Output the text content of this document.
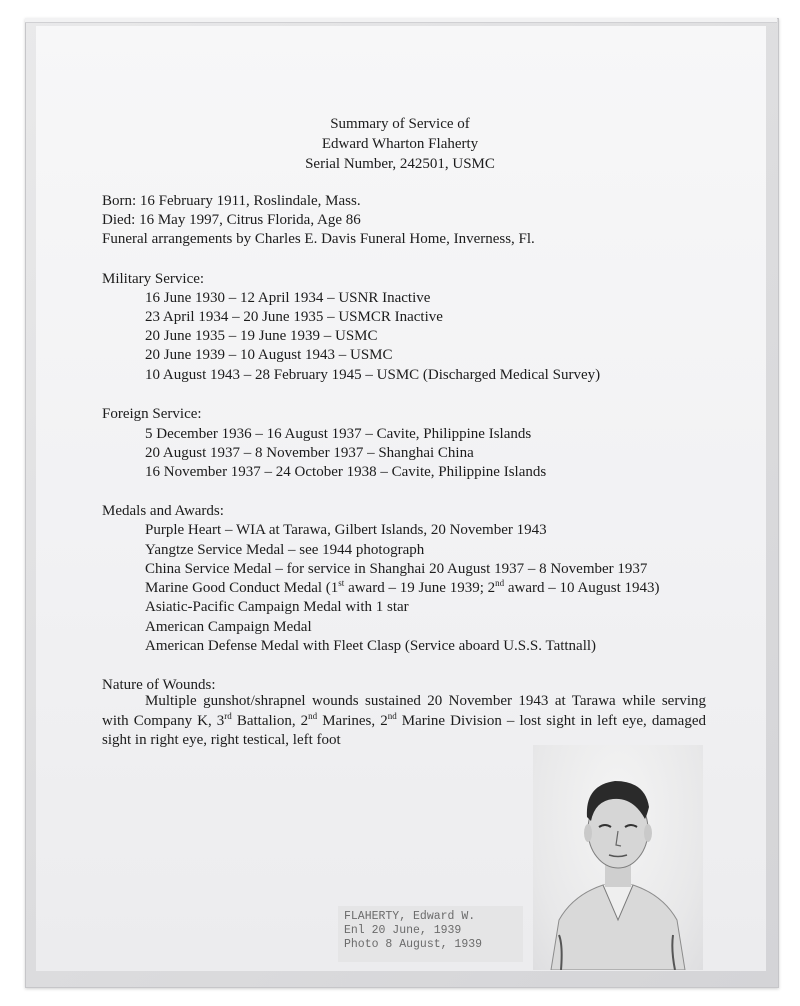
Summary of Service of
Edward Wharton Flaherty
Serial Number, 242501, USMC
Born: 16 February 1911, Roslindale, Mass.
Died: 16 May 1997, Citrus Florida, Age 86
Funeral arrangements by Charles E. Davis Funeral Home, Inverness, Fl.
Military Service:
16 June 1930 – 12 April 1934 – USNR Inactive
23 April 1934 – 20 June 1935 – USMCR Inactive
20 June 1935 – 19 June 1939 – USMC
20 June 1939 – 10 August 1943 – USMC
10 August 1943 – 28 February 1945 – USMC (Discharged Medical Survey)
Foreign Service:
5 December 1936 – 16 August 1937 – Cavite, Philippine Islands
20 August 1937 – 8 November 1937 – Shanghai China
16 November 1937 – 24 October 1938 – Cavite, Philippine Islands
Medals and Awards:
Purple Heart – WIA at Tarawa, Gilbert Islands, 20 November 1943
Yangtze Service Medal – see 1944 photograph
China Service Medal – for service in Shanghai 20 August 1937 – 8 November 1937
Marine Good Conduct Medal (1st award – 19 June 1939; 2nd award – 10 August 1943)
Asiatic-Pacific Campaign Medal with 1 star
American Campaign Medal
American Defense Medal with Fleet Clasp (Service aboard U.S.S. Tattnall)
Nature of Wounds:
Multiple gunshot/shrapnel wounds sustained 20 November 1943 at Tarawa while serving with Company K, 3rd Battalion, 2nd Marines, 2nd Marine Division – lost sight in left eye, damaged sight in right eye, right testical, left foot
FLAHERTY, Edward W.
Enl 20 June, 1939
Photo 8 August, 1939
